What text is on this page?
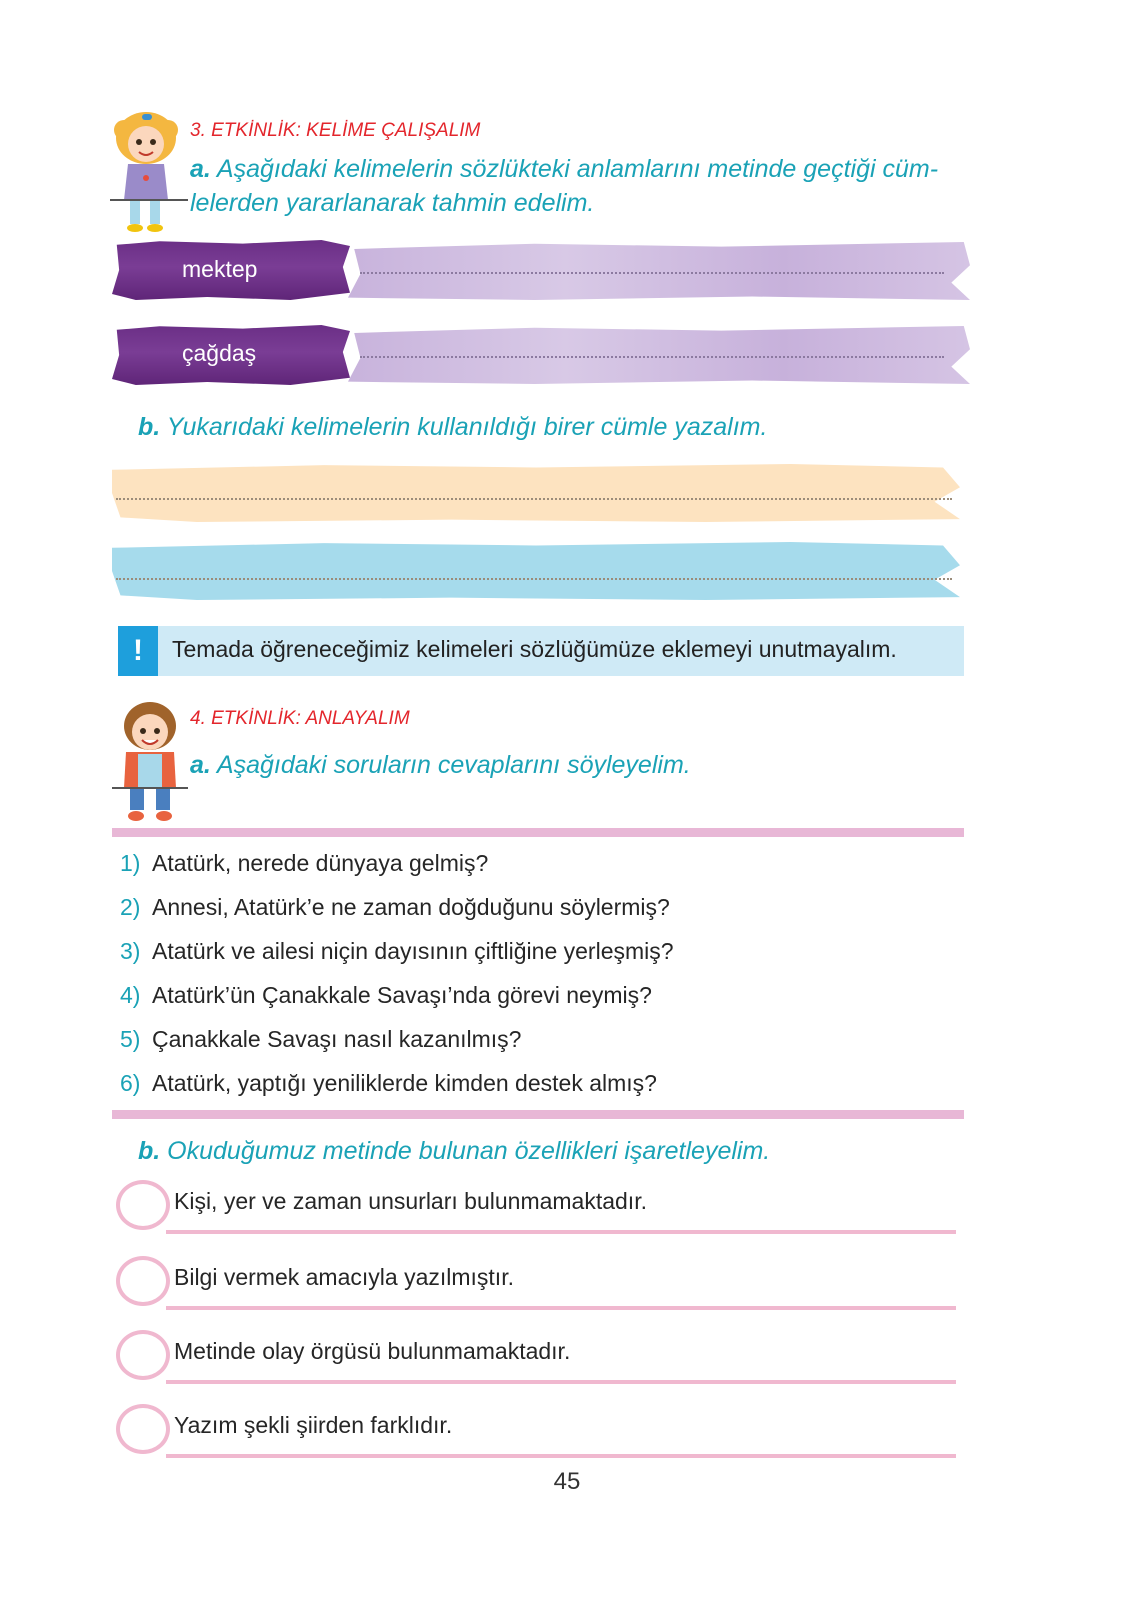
3. ETKİNLİK: KELİME ÇALIŞALIM
a. Aşağıdaki kelimelerin sözlükteki anlamlarını metinde geçtiği cüm-
lelerden yararlanarak tahmin edelim.
mektep
çağdaş
b. Yukarıdaki kelimelerin kullanıldığı birer cümle yazalım.
!	Temada öğreneceğimiz kelimeleri sözlüğümüze eklemeyi unutmayalım.
4. ETKİNLİK: ANLAYALIM
a. Aşağıdaki soruların cevaplarını söyleyelim.
1) Atatürk, nerede dünyaya gelmiş?
2) Annesi, Atatürk’e ne zaman doğduğunu söylermiş?
3) Atatürk ve ailesi niçin dayısının çiftliğine yerleşmiş?
4) Atatürk’ün Çanakkale Savaşı’nda görevi neymiş?
5) Çanakkale Savaşı nasıl kazanılmış?
6) Atatürk, yaptığı yeniliklerde kimden destek almış?
b. Okuduğumuz metinde bulunan özellikleri işaretleyelim.
Kişi, yer ve zaman unsurları bulunmamaktadır.
Bilgi vermek amacıyla yazılmıştır.
Metinde olay örgüsü bulunmamaktadır.
Yazım şekli şiirden farklıdır.
45
